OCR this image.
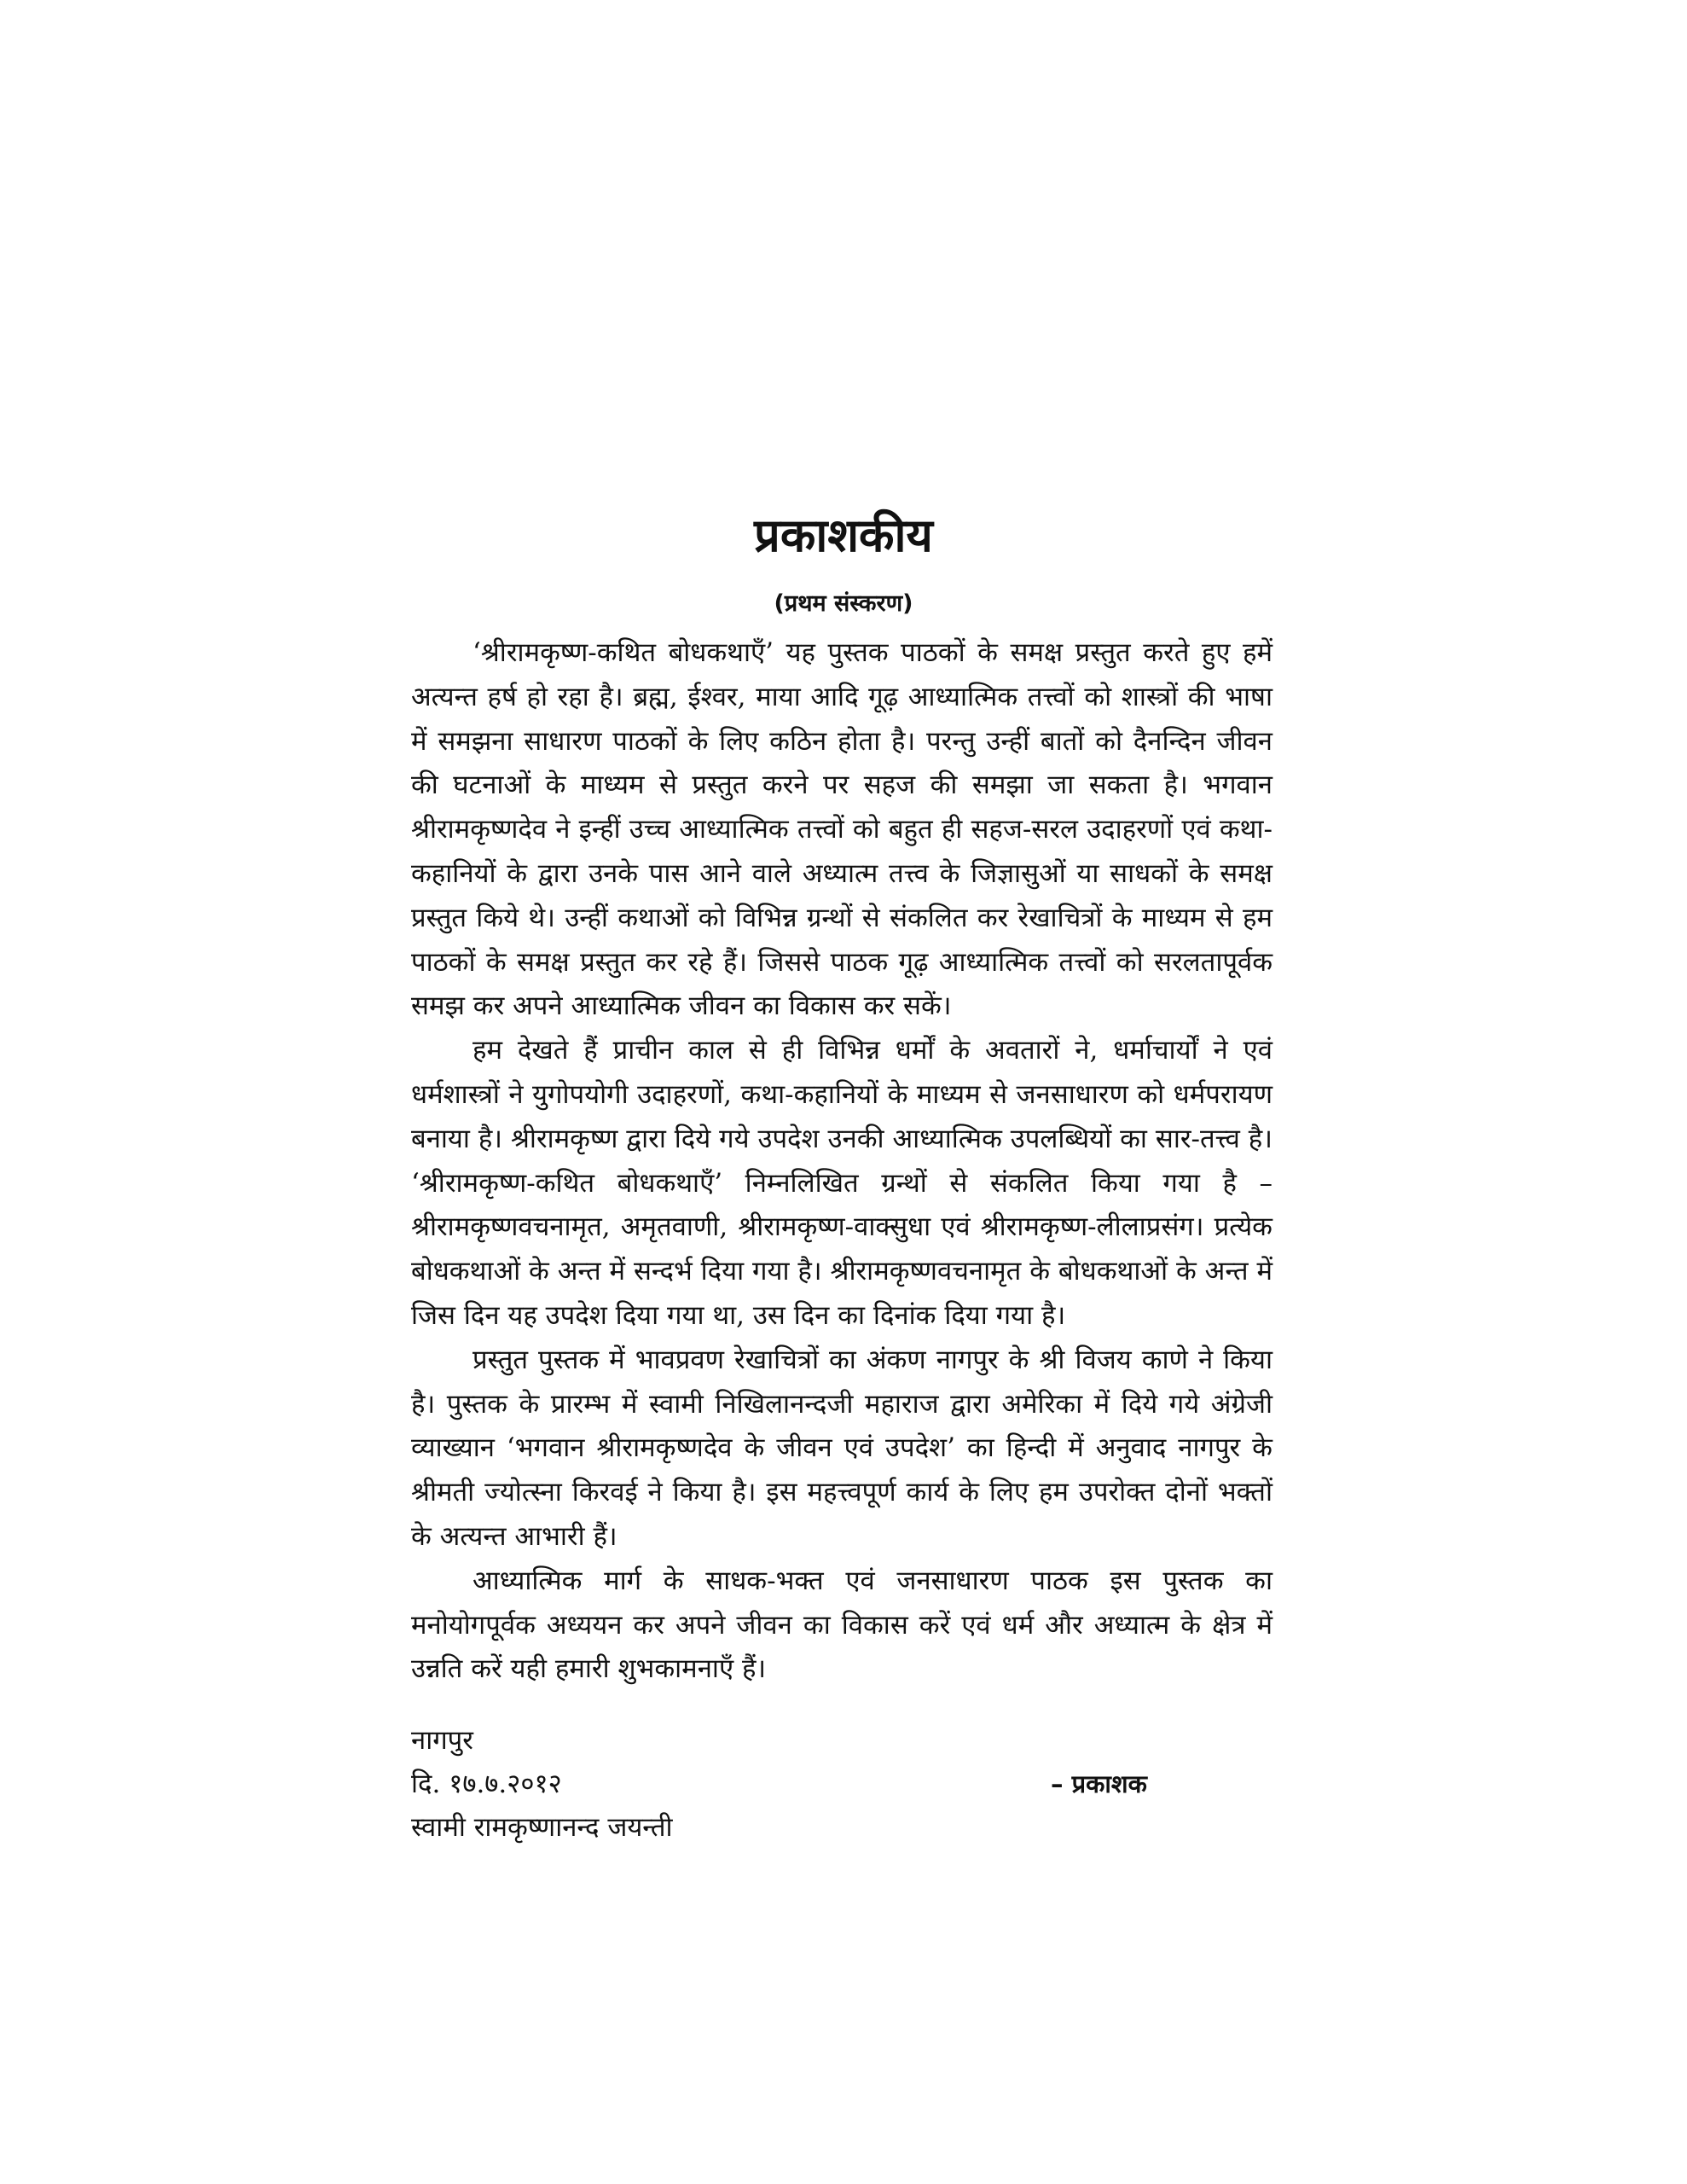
प्रकाशकीय
(प्रथम संस्करण)

‘श्रीरामकृष्ण-कथित बोधकथाएँ’ यह पुस्तक पाठकों के समक्ष प्रस्तुत करते हुए हमें अत्यन्त हर्ष हो रहा है। ब्रह्म, ईश्वर, माया आदि गूढ़ आध्यात्मिक तत्त्वों को शास्त्रों की भाषा में समझना साधारण पाठकों के लिए कठिन होता है। परन्तु उन्हीं बातों को दैनन्दिन जीवन की घटनाओं के माध्यम से प्रस्तुत करने पर सहज की समझा जा सकता है। भगवान श्रीरामकृष्णदेव ने इन्हीं उच्च आध्यात्मिक तत्त्वों को बहुत ही सहज-सरल उदाहरणों एवं कथा-कहानियों के द्वारा उनके पास आने वाले अध्यात्म तत्त्व के जिज्ञासुओं या साधकों के समक्ष प्रस्तुत किये थे। उन्हीं कथाओं को विभिन्न ग्रन्थों से संकलित कर रेखाचित्रों के माध्यम से हम पाठकों के समक्ष प्रस्तुत कर रहे हैं। जिससे पाठक गूढ़ आध्यात्मिक तत्त्वों को सरलतापूर्वक समझ कर अपने आध्यात्मिक जीवन का विकास कर सकें।

हम देखते हैं प्राचीन काल से ही विभिन्न धर्मों के अवतारों ने, धर्माचार्यों ने एवं धर्मशास्त्रों ने युगोपयोगी उदाहरणों, कथा-कहानियों के माध्यम से जनसाधारण को धर्मपरायण बनाया है। श्रीरामकृष्ण द्वारा दिये गये उपदेश उनकी आध्यात्मिक उपलब्धियों का सार-तत्त्व है। ‘श्रीरामकृष्ण-कथित बोधकथाएँ’ निम्नलिखित ग्रन्थों से संकलित किया गया है – श्रीरामकृष्णवचनामृत, अमृतवाणी, श्रीरामकृष्ण-वाक्सुधा एवं श्रीरामकृष्ण-लीलाप्रसंग। प्रत्येक बोधकथाओं के अन्त में सन्दर्भ दिया गया है। श्रीरामकृष्णवचनामृत के बोधकथाओं के अन्त में जिस दिन यह उपदेश दिया गया था, उस दिन का दिनांक दिया गया है।

प्रस्तुत पुस्तक में भावप्रवण रेखाचित्रों का अंकण नागपुर के श्री विजय काणे ने किया है। पुस्तक के प्रारम्भ में स्वामी निखिलानन्दजी महाराज द्वारा अमेरिका में दिये गये अंग्रेजी व्याख्यान ‘भगवान श्रीरामकृष्णदेव के जीवन एवं उपदेश’ का हिन्दी में अनुवाद नागपुर के श्रीमती ज्योत्स्ना किरवई ने किया है। इस महत्त्वपूर्ण कार्य के लिए हम उपरोक्त दोनों भक्तों के अत्यन्त आभारी हैं।

आध्यात्मिक मार्ग के साधक-भक्त एवं जनसाधारण पाठक इस पुस्तक का मनोयोगपूर्वक अध्ययन कर अपने जीवन का विकास करें एवं धर्म और अध्यात्म के क्षेत्र में उन्नति करें यही हमारी शुभकामनाएँ हैं।

नागपुर
दि. १७.७.२०१२
स्वामी रामकृष्णानन्द जयन्ती
– प्रकाशक
